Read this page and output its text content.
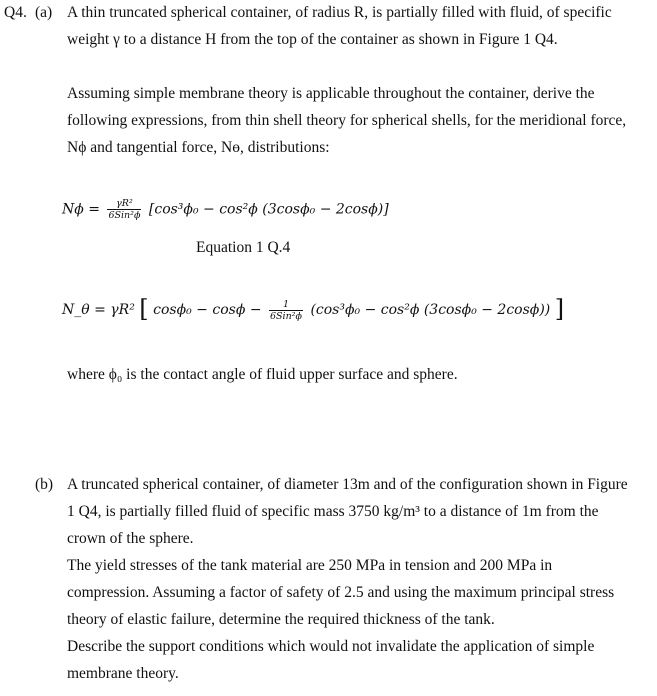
Q4. (a) A thin truncated spherical container, of radius R, is partially filled with fluid, of specific
weight γ to a distance H from the top of the container as shown in Figure 1 Q4.
Assuming simple membrane theory is applicable throughout the container, derive the
following expressions, from thin shell theory for spherical shells, for the meridional force,
Nϕ and tangential force, Nө, distributions:
$N\phi = \frac{\text{γR²}}{\text{6Sin²ϕ}} [\cos^3\phi_0 - \cos^2\phi$ (3cosϕ₀ − 2cosϕ)]
Equation 1 Q.4
N_θ = γR² [ $\cos\phi_0 - \cos\phi - \frac{1}{\text{6Sin²ϕ}} (\cos^3\phi_0 - \cos^2\phi$ (3cosϕ₀ − 2cosϕ)) ]
where ϕ₀ is the contact angle of fluid upper surface and sphere.
(b) A truncated spherical container, of diameter 13m and of the configuration shown in Figure
1 Q4, is partially filled fluid of specific mass 3750 kg/m³ to a distance of 1m from the
crown of the sphere.
The yield stresses of the tank material are 250 MPa in tension and 200 MPa in
compression. Assuming a factor of safety of 2.5 and using the maximum principal stress
theory of elastic failure, determine the required thickness of the tank.
Describe the support conditions which would not invalidate the application of simple
membrane theory.
